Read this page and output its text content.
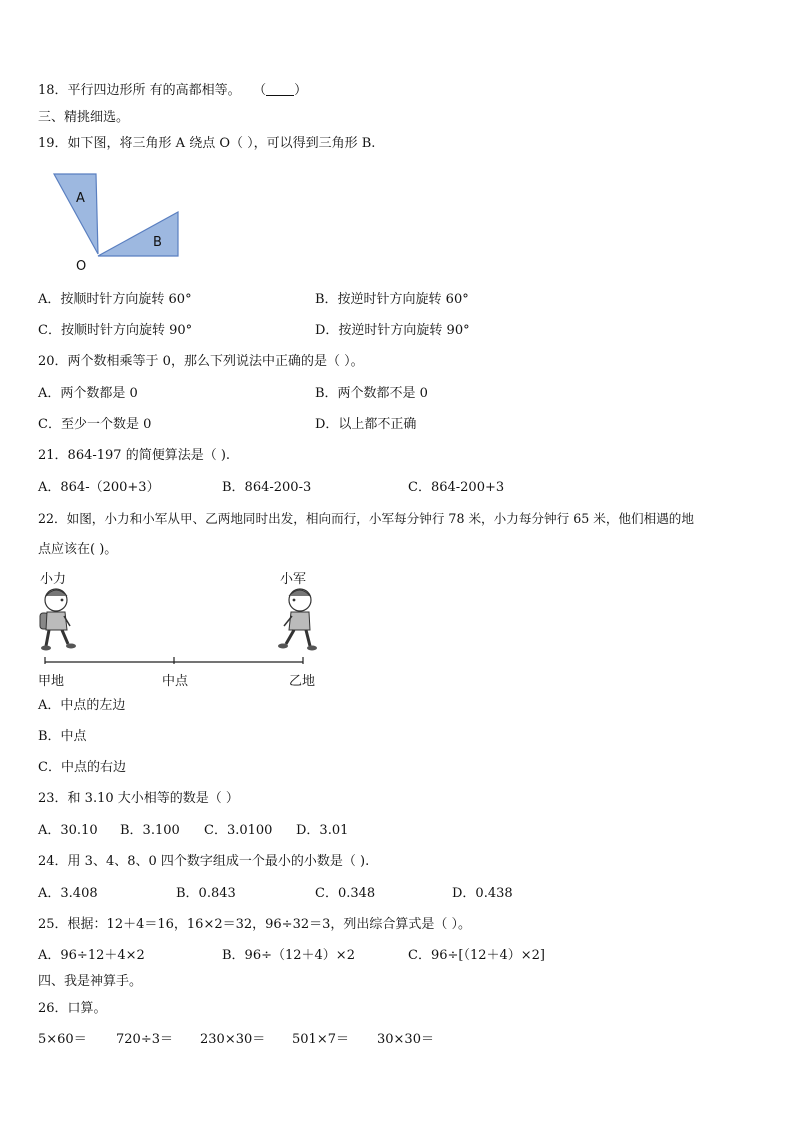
18．平行四边形所 有的高都相等。 （ ）
三、精挑细选。
19．如下图，将三角形 A 绕点 O（ ），可以得到三角形 B.
A
B
O
A．按顺时针方向旋转 60°	B．按逆时针方向旋转 60°
C．按顺时针方向旋转 90°	D．按逆时针方向旋转 90°
20．两个数相乘等于 0，那么下列说法中正确的是（ ）。
A．两个数都是 0	B．两个数都不是 0
C．至少一个数是 0	D．以上都不正确
21．864-197 的简便算法是（ ).
A．864-（200+3）	B．864-200-3	C．864-200+3
22．如图，小力和小军从甲、乙两地同时出发，相向而行，小军每分钟行 78 米，小力每分钟行 65 米，他们相遇的地
点应该在( )。
小力	小军
甲地	中点	乙地
A．中点的左边
B．中点
C．中点的右边
23．和 3.10 大小相等的数是（ ）
A．30.10 B．3.100 C．3.0100 D．3.01
24．用 3、4、8、0 四个数字组成一个最小的小数是（ ).
A．3.408	B．0.843	C．0.348	D．0.438
25．根据：12＋4＝16，16×2＝32，96÷32＝3，列出综合算式是（ ）。
A．96÷12＋4×2	B．96÷（12＋4）×2	C．96÷[（12＋4）×2]
四、我是神算手。
26．口算。
5×60＝ 720÷3＝ 230×30＝ 501×7＝ 30×30＝
